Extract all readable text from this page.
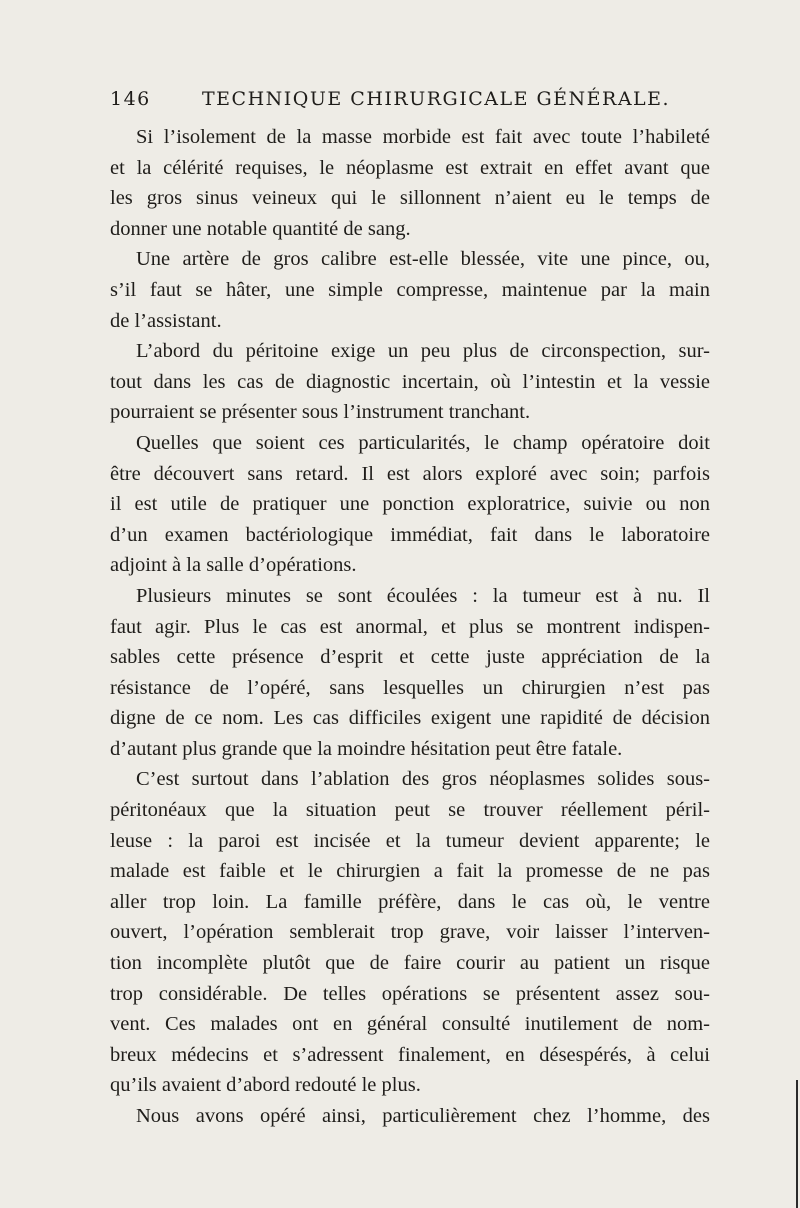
146	TECHNIQUE CHIRURGICALE GÉNÉRALE.
Si l’isolement de la masse morbide est fait avec toute l’habileté
et la célérité requises, le néoplasme est extrait en effet avant que
les gros sinus veineux qui le sillonnent n’aient eu le temps de
donner une notable quantité de sang.
Une artère de gros calibre est-elle blessée, vite une pince, ou,
s’il faut se hâter, une simple compresse, maintenue par la main
de l’assistant.
L’abord du péritoine exige un peu plus de circonspection, sur-
tout dans les cas de diagnostic incertain, où l’intestin et la vessie
pourraient se présenter sous l’instrument tranchant.
Quelles que soient ces particularités, le champ opératoire doit
être découvert sans retard. Il est alors exploré avec soin; parfois
il est utile de pratiquer une ponction exploratrice, suivie ou non
d’un examen bactériologique immédiat, fait dans le laboratoire
adjoint à la salle d’opérations.
Plusieurs minutes se sont écoulées : la tumeur est à nu. Il
faut agir. Plus le cas est anormal, et plus se montrent indispen-
sables cette présence d’esprit et cette juste appréciation de la
résistance de l’opéré, sans lesquelles un chirurgien n’est pas
digne de ce nom. Les cas difficiles exigent une rapidité de décision
d’autant plus grande que la moindre hésitation peut être fatale.
C’est surtout dans l’ablation des gros néoplasmes solides sous-
péritonéaux que la situation peut se trouver réellement péril-
leuse : la paroi est incisée et la tumeur devient apparente; le
malade est faible et le chirurgien a fait la promesse de ne pas
aller trop loin. La famille préfère, dans le cas où, le ventre
ouvert, l’opération semblerait trop grave, voir laisser l’interven-
tion incomplète plutôt que de faire courir au patient un risque
trop considérable. De telles opérations se présentent assez sou-
vent. Ces malades ont en général consulté inutilement de nom-
breux médecins et s’adressent finalement, en désespérés, à celui
qu’ils avaient d’abord redouté le plus.
Nous avons opéré ainsi, particulièrement chez l’homme, des
